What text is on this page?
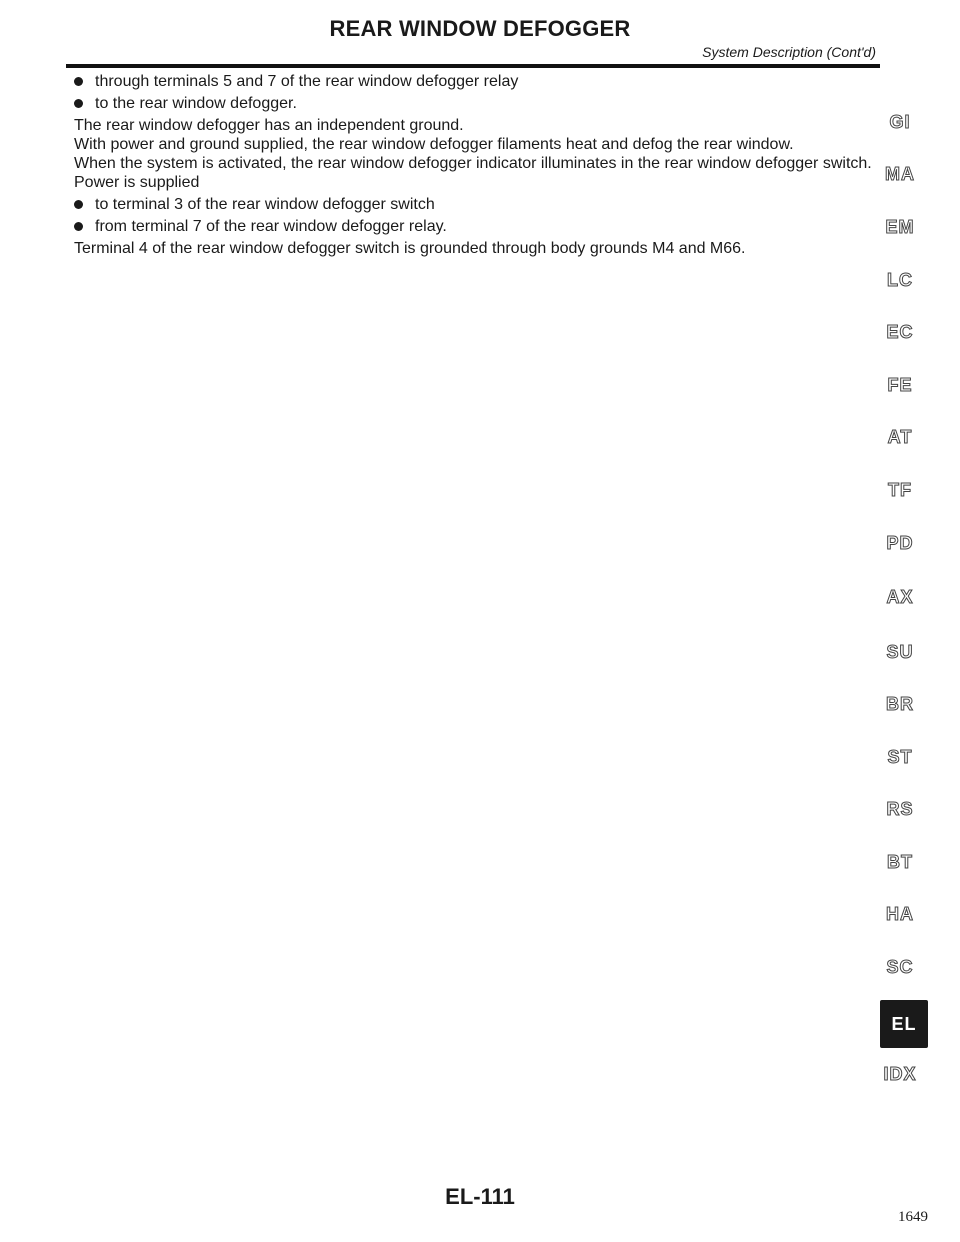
REAR WINDOW DEFOGGER
System Description (Cont'd)
through terminals 5 and 7 of the rear window defogger relay
to the rear window defogger.

The rear window defogger has an independent ground.

With power and ground supplied, the rear window defogger filaments heat and defog the rear window.

When the system is activated, the rear window defogger indicator illuminates in the rear window defogger switch.

Power is supplied

to terminal 3 of the rear window defogger switch
from terminal 7 of the rear window defogger relay.

Terminal 4 of the rear window defogger switch is grounded through body grounds M4 and M66.

GI
MA
EM
LC
EC
FE
AT
TF
PD
AX
SU
BR
ST
RS
BT
HA
SC
EL
IDX
EL-111
1649
